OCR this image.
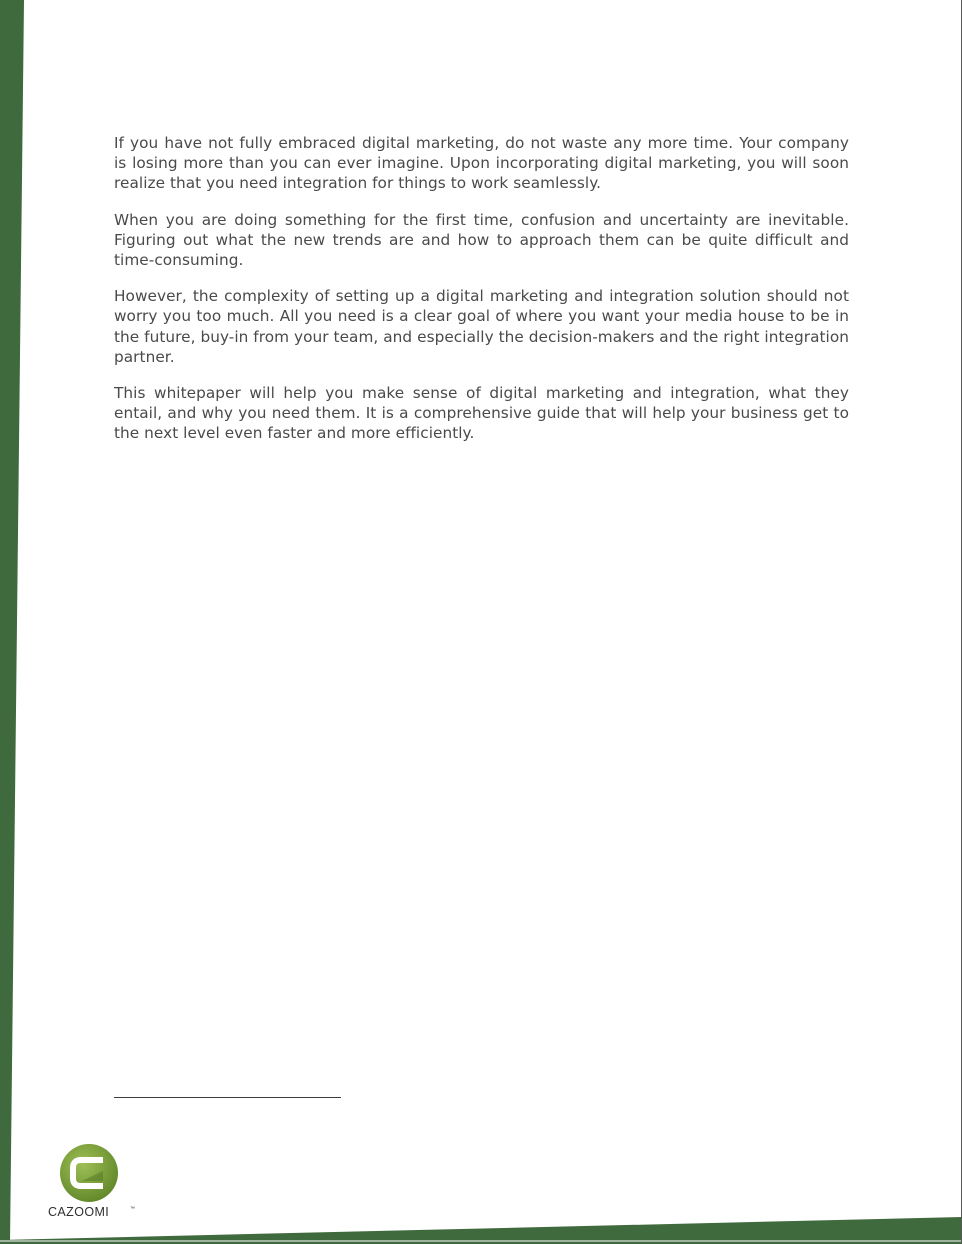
If you have not fully embraced digital marketing, do not waste any more time. Your company is losing more than you can ever imagine. Upon incorporating digital marketing, you will soon realize that you need integration for things to work seamlessly.

When you are doing something for the first time, confusion and uncertainty are inevitable. Figuring out what the new trends are and how to approach them can be quite difficult and time-consuming.

However, the complexity of setting up a digital marketing and integration solution should not worry you too much. All you need is a clear goal of where you want your media house to be in the future, buy-in from your team, and especially the decision-makers and the right integration partner.

This whitepaper will help you make sense of digital marketing and integration, what they entail, and why you need them. It is a comprehensive guide that will help your business get to the next level even faster and more efficiently.

CAZOOMI	™
